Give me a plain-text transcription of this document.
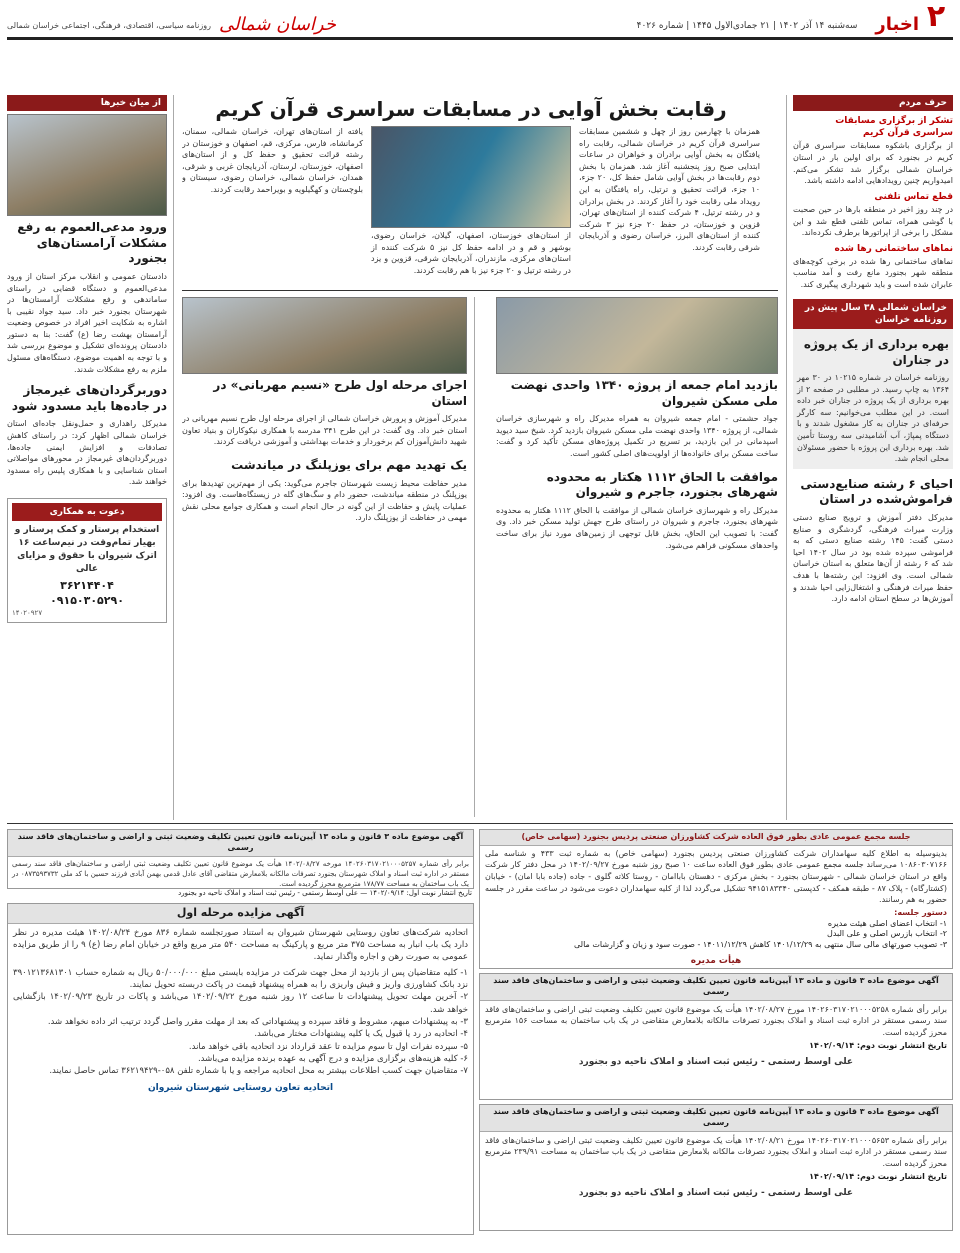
۲
اخبار
سه‌شنبه ۱۴ آذر ۱۴۰۲ | ۲۱ جمادی‌الاول ۱۴۴۵ | شماره ۴۰۲۶
خراسان شمالی
روزنامه سیاسی، اقتصادی، فرهنگی، اجتماعی خراسان شمالی
حرف مردم
تشکر از برگزاری مسابقات سراسری قرآن کریم
از برگزاری باشکوه مسابقات سراسری قرآن کریم در بجنورد که برای اولین بار در استان خراسان شمالی برگزار شد تشکر می‌کنم. امیدواریم چنین رویدادهایی ادامه داشته باشد.
قطع تماس تلفنی
در چند روز اخیر در منطقه بارها در حین صحبت با گوشی همراه، تماس تلفنی قطع شد و این مشکل را برخی از اپراتورها برطرف نکرده‌اند.
نما‌های ساختمانی رها شده
نماهای ساختمانی رها شده در برخی کوچه‌های منطقه شهر بجنورد مانع رفت و آمد مناسب عابران شده است و باید شهرداری پیگیری کند.
خراسان شمالی ۳۸ سال پیش در روزنامه خراسان
بهره برداری از یک پروژه در جناران
روزنامه خراسان در شماره ۱۰۲۱۵ در ۳۰ مهر ۱۳۶۴ به چاپ رسید. در مطلبی در صفحه ۲ از بهره برداری از یک پروژه در جناران خبر داده است. در این مطلب می‌خوانیم: سه کارگر حرفه‌ای در جناران به کار مشغول شدند و با دستگاه پمپاژ، آب آشامیدنی سه روستا تأمین شد. بهره برداری این پروژه با حضور مسئولان محلی انجام شد.
احیای ۶ رشته صنایع‌دستی فراموش‌شده در استان
مدیرکل دفتر آموزش و ترویج صنایع دستی وزارت میراث فرهنگی، گردشگری و صنایع دستی گفت: ۱۴۵ رشته صنایع دستی که به فراموشی سپرده شده بود در سال ۱۴۰۲ احیا شد که ۶ رشته از آن‌ها متعلق به استان خراسان شمالی است. وی افزود: این رشته‌ها با هدف حفظ میراث فرهنگی و اشتغال‌زایی احیا شدند و آموزش‌ها در سطح استان ادامه دارد.
از میان خبرها
ورود مدعی‌العموم به رفع مشکلات آرامستان‌های بجنورد
دادستان عمومی و انقلاب مرکز استان از ورود مدعی‌العموم و دستگاه قضایی در راستای ساماندهی و رفع مشکلات آرامستان‌ها در شهرستان بجنورد خبر داد. سید جواد نقیبی با اشاره به شکایت اخیر افراد در خصوص وضعیت آرامستان بهشت رضا (ع) گفت: بنا به دستور دادستان پرونده‌ای تشکیل و موضوع بررسی شد و با توجه به اهمیت موضوع، دستگاه‌های مسئول ملزم به رفع مشکلات شدند.
دوربرگردان‌های غیرمجاز در جاده‌ها باید مسدود شود
مدیرکل راهداری و حمل‌ونقل جاده‌ای استان خراسان شمالی اظهار کرد: در راستای کاهش تصادفات و افزایش ایمنی جاده‌ها، دوربرگردان‌های غیرمجاز در محورهای مواصلاتی استان شناسایی و با همکاری پلیس راه مسدود خواهند شد.
دعوت به همکاری
استخدام پرستار و کمک پرستار و بهیار تمام‌وقت در نیم‌ساعت ۱۶ اترک شیروان با حقوق و مزایای عالی
۳۶۲۱۴۴۰۴
۰۹۱۵۰۳۰۵۲۹۰
۱۴۰۲۰۹۲۷
رقابت بخش آوایی در مسابقات سراسری قرآن کریم
همزمان با چهارمین روز از چهل و ششمین مسابقات سراسری قرآن کریم در خراسان شمالی، رقابت راه یافتگان به بخش آوایی برادران و خواهران در ساعات ابتدایی صبح روز پنجشنبه آغاز شد. همزمان با بخش دوم رقابت‌ها در بخش آوایی شامل حفظ کل، ۲۰ جزء، ۱۰ جزء، قرائت تحقیق و ترتیل، راه یافتگان به این رویداد ملی رقابت خود را آغاز کردند. در بخش برادران و در رشته ترتیل، ۴ شرکت کننده از استان‌های تهران، قزوین و خوزستان، در حفظ ۲۰ جزء نیز ۳ شرکت کننده از استان‌های البرز، خراسان رضوی و آذربایجان شرقی رقابت کردند.
از استان‌های خوزستان، اصفهان، گیلان، خراسان رضوی، بوشهر و قم و در ادامه حفظ کل نیز ۵ شرکت کننده از استان‌های مرکزی، مازندران، آذربایجان شرقی، قزوین و یزد در رشته ترتیل و ۲۰ جزء نیز با هم رقابت کردند.
یافته از استان‌های تهران، خراسان شمالی، سمنان، کرمانشاه، فارس، مرکزی، قم، اصفهان و خوزستان در رشته قرائت تحقیق و حفظ کل و از استان‌های اصفهان، خوزستان، لرستان، آذربایجان غربی و شرقی، همدان، خراسان شمالی، خراسان رضوی، سیستان و بلوچستان و کهگیلویه و بویراحمد رقابت کردند.
بازدید امام جمعه از پروژه ۱۳۴۰ واحدی نهضت ملی مسکن شیروان
جواد حشمتی - امام جمعه شیروان به همراه مدیرکل راه و شهرسازی خراسان شمالی، از پروژه ۱۳۴۰ واحدی نهضت ملی مسکن شیروان بازدید کرد. شیخ سید دیوید اسپدمانی در این بازدید، بر تسریع در تکمیل پروژه‌های مسکن تأکید کرد و گفت: ساخت مسکن برای خانواده‌ها از اولویت‌های اصلی کشور است.
موافقت با الحاق ۱۱۱۲ هکتار به محدوده شهرهای بجنورد، جاجرم و شیروان
مدیرکل راه و شهرسازی خراسان شمالی از موافقت با الحاق ۱۱۱۲ هکتار به محدوده شهرهای بجنورد، جاجرم و شیروان در راستای طرح جهش تولید مسکن خبر داد. وی گفت: با تصویب این الحاق، بخش قابل توجهی از زمین‌های مورد نیاز برای ساخت واحدهای مسکونی فراهم می‌شود.
اجرای مرحله اول طرح «نسیم مهربانی» در استان
مدیرکل آموزش و پرورش خراسان شمالی از اجرای مرحله اول طرح نسیم مهربانی در استان خبر داد. وی گفت: در این طرح ۳۴۱ مدرسه با همکاری نیکوکاران و بنیاد تعاون شهید دانش‌آموزان کم برخوردار و خدمات بهداشتی و آموزشی دریافت کردند.
یک تهدید مهم برای یوزپلنگ در میاندشت
مدیر حفاظت محیط زیست شهرستان جاجرم می‌گوید: یکی از مهم‌ترین تهدیدها برای یوزپلنگ در منطقه میاندشت، حضور دام و سگ‌های گله در زیستگاه‌هاست. وی افزود: عملیات پایش و حفاظت از این گونه در حال انجام است و همکاری جوامع محلی نقش مهمی در حفاظت از یوزپلنگ دارد.
آگهی موضوع ماده ۳ قانون و ماده ۱۳ آیین‌نامه قانون تعیین تکلیف وضعیت ثبتی و اراضی و ساختمان‌های فاقد سند رسمی
برابر رأی شماره ۱۴۰۲۶۰۳۱۷۰۲۱۰۰۰۵۲۵۷ مورخه ۱۴۰۲/۰۸/۲۷ هیأت یک موضوع قانون تعیین تکلیف وضعیت ثبتی اراضی و ساختمان‌های فاقد سند رسمی مستقر در اداره ثبت اسناد و املاک شهرستان بجنورد تصرفات مالکانه بلامعارض متقاضی آقای عادل قدمی بهمن آبادی فرزند حسین با کد ملی ۰۸۷۳۵۹۳۷۳۲ در یک باب ساختمان به مساحت ۱۷۸/۷۷ مترمربع محرز گردیده است.
تاریخ انتشار نوبت اول: ۱۴۰۲/۰۹/۱۴ — علی اوسط رستمی - رئیس ثبت اسناد و املاک ناحیه دو بجنورد
جلسه مجمع عمومی عادی بطور فوق العاده شرکت کشاورزان صنعتی پردیس بجنورد (سهامی خاص)
بدینوسیله به اطلاع کلیه سهامداران شرکت کشاورزان صنعتی پردیس بجنورد (سهامی خاص) به شماره ثبت ۴۳۳ و شناسه ملی ۱۰۸۶۰۳۰۷۱۶۶ می‌رساند جلسه مجمع عمومی عادی بطور فوق العاده ساعت ۱۰ صبح روز شنبه مورخ ۱۴۰۲/۰۹/۲۷ در محل دفتر کار شرکت واقع در استان خراسان شمالی - شهرستان بجنورد - بخش مرکزی - دهستان باباامان - روستا کلاته گلوی - جاده (جاده بابا امان) - خیابان (کشتارگاه) - پلاک ۸۷ - طبقه همکف - کدپستی ۹۴۱۵۱۸۳۳۴۰ تشکیل می‌گردد لذا از کلیه سهامداران دعوت می‌شود در ساعت مقرر در جلسه حضور به هم رسانند.
دستور جلسه:
۱- انتخاب اعضای اصلی هیئت مدیره
۲- انتخاب بازرس اصلی و علی البدل
۳- تصویب صورتهای مالی سال منتهی به ۱۴۰۱/۱۲/۲۹ کاهش ۱۴۰۱۱/۱۲/۲۹ - صورت سود و زیان و گزارشات مالی
هیأت مدیره
آگهی مزایده مرحله اول
اتحادیه شرکت‌های تعاون روستایی شهرستان شیروان به استناد صورتجلسه شماره ۸۳۶ مورخ ۱۴۰۲/۰۸/۲۴ هیئت مدیره در نظر دارد یک باب انبار به مساحت ۳۷۵ متر مربع و پارکینگ به مساحت ۵۴۰ متر مربع واقع در خیابان امام رضا (ع) ۹ را از طریق مزایده عمومی به صورت رهن و اجاره واگذار نماید.
۱- کلیه متقاضیان پس از بازدید از محل جهت شرکت در مزایده بایستی مبلغ ۵۰/۰۰۰/۰۰۰ ریال به شماره حساب ۳۹۰۱۲۱۳۶۸۱۳۰۱ نزد بانک کشاورزی واریز و فیش واریزی را به همراه پیشنهاد قیمت در پاکت دربسته تحویل نمایند.
۲- آخرین مهلت تحویل پیشنهادات تا ساعت ۱۲ روز شنبه مورخ ۱۴۰۲/۰۹/۲۲ می‌باشد و پاکات در تاریخ ۱۴۰۲/۰۹/۲۳ بازگشایی خواهد شد.
۳- به پیشنهادات مبهم، مشروط و فاقد سپرده و پیشنهاداتی که بعد از مهلت مقرر واصل گردد ترتیب اثر داده نخواهد شد.
۴- اتحادیه در رد یا قبول یک یا کلیه پیشنهادات مختار می‌باشد.
۵- سپرده نفرات اول تا سوم مزایده تا عقد قرارداد نزد اتحادیه باقی خواهد ماند.
۶- کلیه هزینه‌های برگزاری مزایده و درج آگهی به عهده برنده مزایده می‌باشد.
۷- متقاضیان جهت کسب اطلاعات بیشتر به محل اتحادیه مراجعه و یا با شماره تلفن ۰۵۸-۳۶۲۱۹۴۲۹ تماس حاصل نمایند.
اتحادیه تعاون روستایی شهرستان شیروان
آگهی موضوع ماده ۳ قانون و ماده ۱۳ آیین‌نامه قانون تعیین تکلیف وضعیت ثبتی و اراضی و ساختمان‌های فاقد سند رسمی
برابر رأی شماره ۱۴۰۲۶۰۳۱۷۰۲۱۰۰۰۵۲۵۸ مورخ ۱۴۰۲/۰۸/۲۷ هیأت یک موضوع قانون تعیین تکلیف وضعیت ثبتی اراضی و ساختمان‌های فاقد سند رسمی مستقر در اداره ثبت اسناد و املاک بجنورد تصرفات مالکانه بلامعارض متقاضی در یک باب ساختمان به مساحت ۱۵۶ مترمربع محرز گردیده است.
تاریخ انتشار نوبت دوم: ۱۴۰۲/۰۹/۱۴
علی اوسط رستمی - رئیس ثبت اسناد و املاک ناحیه دو بجنورد
آگهی موضوع ماده ۳ قانون و ماده ۱۳ آیین‌نامه قانون تعیین تکلیف وضعیت ثبتی و اراضی و ساختمان‌های فاقد سند رسمی
برابر رأی شماره ۱۴۰۲۶۰۳۱۷۰۲۱۰۰۰۵۶۵۳ مورخ ۱۴۰۲/۰۸/۲۱ هیأت یک موضوع قانون تعیین تکلیف وضعیت ثبتی اراضی و ساختمان‌های فاقد سند رسمی مستقر در اداره ثبت اسناد و املاک بجنورد تصرفات مالکانه بلامعارض متقاضی در یک باب ساختمان به مساحت ۲۳۹/۹۱ مترمربع محرز گردیده است.
تاریخ انتشار نوبت دوم: ۱۴۰۲/۰۹/۱۴
علی اوسط رستمی - رئیس ثبت اسناد و املاک ناحیه دو بجنورد
